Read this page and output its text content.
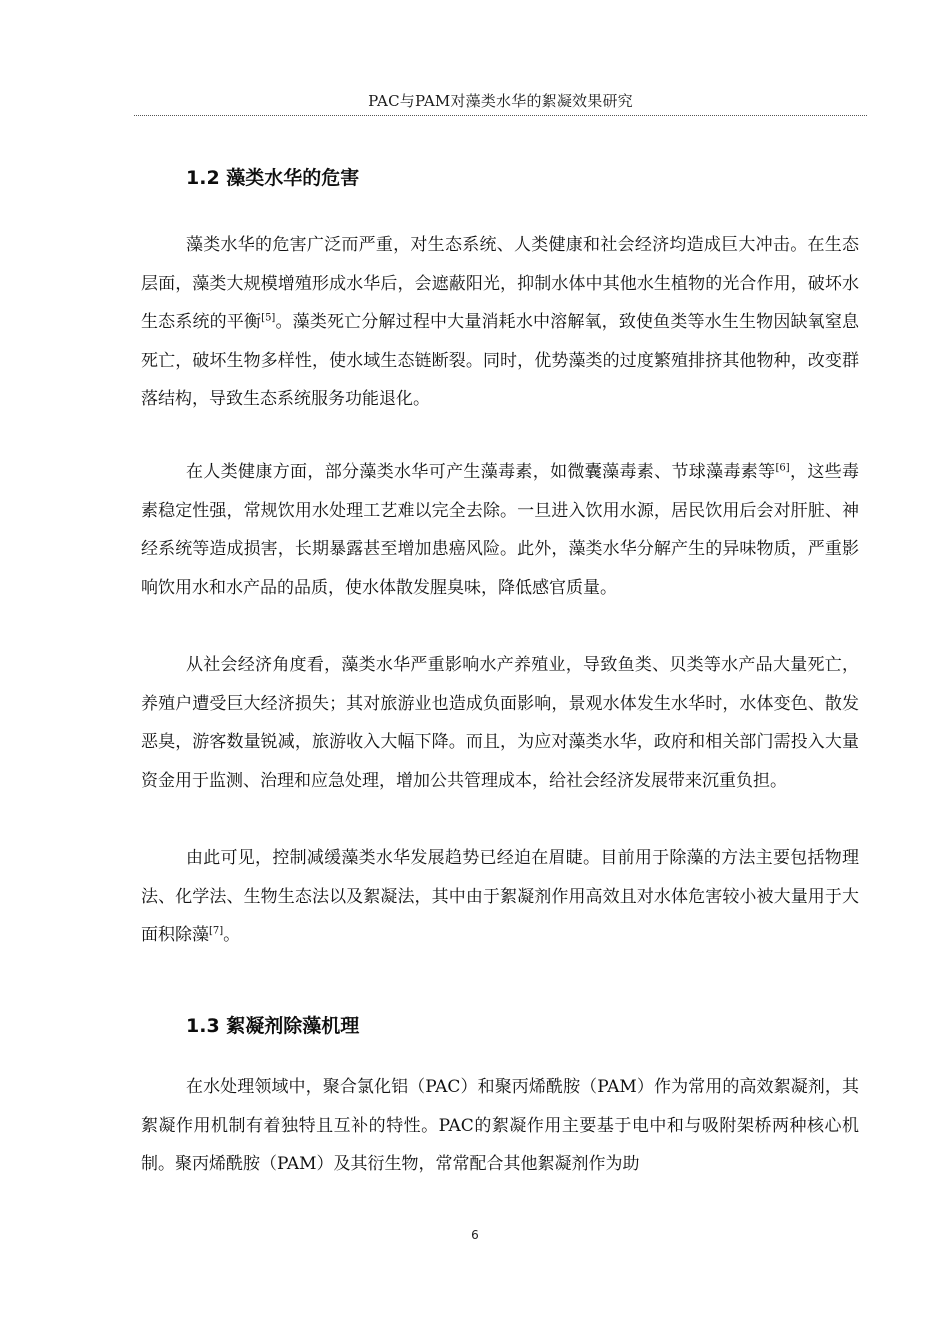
PAC与PAM对藻类水华的絮凝效果研究
1.2 藻类水华的危害

藻类水华的危害广泛而严重，对生态系统、人类健康和社会经济均造成巨大冲击。在生态层面，藻类大规模增殖形成水华后，会遮蔽阳光，抑制水体中其他水生植物的光合作用，破坏水生态系统的平衡[5]。藻类死亡分解过程中大量消耗水中溶解氧，致使鱼类等水生生物因缺氧窒息死亡，破坏生物多样性，使水域生态链断裂。同时，优势藻类的过度繁殖排挤其他物种，改变群落结构，导致生态系统服务功能退化。

在人类健康方面，部分藻类水华可产生藻毒素，如微囊藻毒素、节球藻毒素等[6]，这些毒素稳定性强，常规饮用水处理工艺难以完全去除。一旦进入饮用水源，居民饮用后会对肝脏、神经系统等造成损害，长期暴露甚至增加患癌风险。此外，藻类水华分解产生的异味物质，严重影响饮用水和水产品的品质，使水体散发腥臭味，降低感官质量。

从社会经济角度看，藻类水华严重影响水产养殖业，导致鱼类、贝类等水产品大量死亡，养殖户遭受巨大经济损失；其对旅游业也造成负面影响，景观水体发生水华时，水体变色、散发恶臭，游客数量锐减，旅游收入大幅下降。而且，为应对藻类水华，政府和相关部门需投入大量资金用于监测、治理和应急处理，增加公共管理成本，给社会经济发展带来沉重负担。

由此可见，控制减缓藻类水华发展趋势已经迫在眉睫。目前用于除藻的方法主要包括物理法、化学法、生物生态法以及絮凝法，其中由于絮凝剂作用高效且对水体危害较小被大量用于大面积除藻[7]。

1.3 絮凝剂除藻机理

在水处理领域中，聚合氯化铝（PAC）和聚丙烯酰胺（PAM）作为常用的高效絮凝剂，其絮凝作用机制有着独特且互补的特性。PAC的絮凝作用主要基于电中和与吸附架桥两种核心机制。聚丙烯酰胺（PAM）及其衍生物，常常配合其他絮凝剂作为助

6
